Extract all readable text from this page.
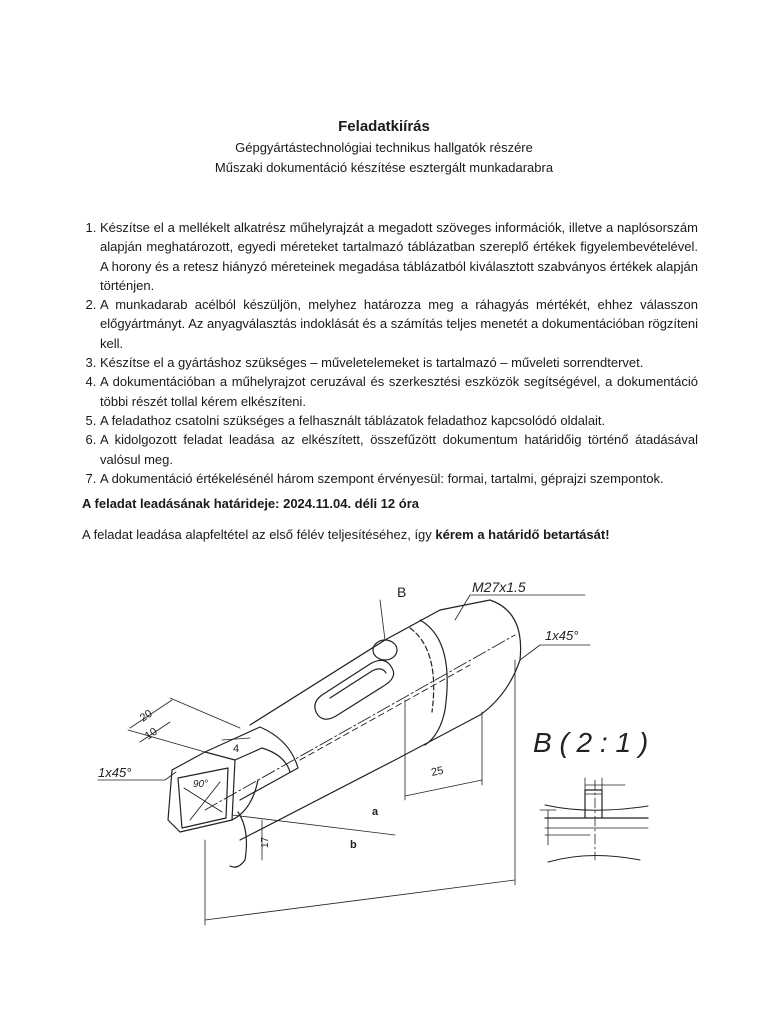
Feladatkiírás
Gépgyártástechnológiai technikus hallgatók részére
Műszaki dokumentáció készítése esztergált munkadarabra
1. Készítse el a mellékelt alkatrész műhelyrajzát a megadott szöveges információk, illetve a naplósorszám alapján meghatározott, egyedi méreteket tartalmazó táblázatban szereplő értékek figyelembevételével. A horony és a retesz hiányzó méreteinek megadása táblázatból kiválasztott szabványos értékek alapján történjen.
2. A munkadarab acélból készüljön, melyhez határozza meg a ráhagyás mértékét, ehhez válasszon előgyártmányt. Az anyagválasztás indoklását és a számítás teljes menetét a dokumentációban rögzíteni kell.
3. Készítse el a gyártáshoz szükséges – műveletelemeket is tartalmazó – műveleti sorrendtervet.
4. A dokumentációban a műhelyrajzot ceruzával és szerkesztési eszközök segítségével, a dokumentáció többi részét tollal kérem elkészíteni.
5. A feladathoz csatolni szükséges a felhasznált táblázatok feladathoz kapcsolódó oldalait.
6. A kidolgozott feladat leadása az elkészített, összefűzött dokumentum határidőig történő átadásával valósul meg.
7. A dokumentáció értékelésénél három szempont érvényesül: formai, tartalmi, géprajzi szempontok.
A feladat leadásának határideje: 2024.11.04. déli 12 óra
A feladat leadása alapfeltétel az első félév teljesítéséhez, így kérem a határidő betartását!
B	M27x1.5
1x45°
1x45°
B ( 2 : 1 )
20
10
4
25
a
b
17
90°
